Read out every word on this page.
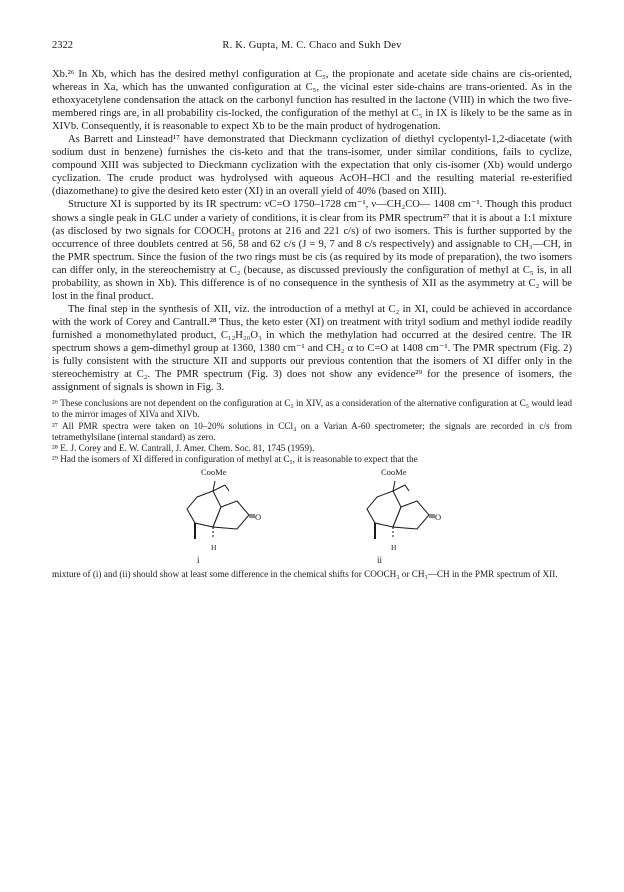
2322	R. K. Gupta, M. C. Chaco and Sukh Dev

Xb.²⁶ In Xb, which has the desired methyl configuration at C₅, the propionate and acetate side chains are cis-oriented, whereas in Xa, which has the unwanted configuration at C₅, the vicinal ester side-chains are trans-oriented. As in the ethoxyacetylene condensation the attack on the carbonyl function has resulted in the lactone (VIII) in which the two five-membered rings are, in all probability cis-locked, the configuration of the methyl at C₅ in IX is likely to be the same as in XIVb. Consequently, it is reasonable to expect Xb to be the main product of hydrogenation.

As Barrett and Linstead¹⁷ have demonstrated that Dieckmann cyclization of diethyl cyclopentyl-1,2-diacetate (with sodium dust in benzene) furnishes the cis-keto and that the trans-isomer, under similar conditions, fails to cyclize, compound XIII was subjected to Dieckmann cyclization with the expectation that only cis-isomer (Xb) would undergo cyclization. The crude product was hydrolysed with aqueous AcOH–HCl and the resulting material re-esterified (diazomethane) to give the desired keto ester (XI) in an overall yield of 40% (based on XIII).

Structure XI is supported by its IR spectrum: νC=O 1750–1728 cm⁻¹, ν—CH₂CO— 1408 cm⁻¹. Though this product shows a single peak in GLC under a variety of conditions, it is clear from its PMR spectrum²⁷ that it is about a 1:1 mixture (as disclosed by two signals for COOCH₃ protons at 216 and 221 c/s) of two isomers. This is further supported by the occurrence of three doublets centred at 56, 58 and 62 c/s (J = 9, 7 and 8 c/s respectively) and assignable to CH₃—CH, in the PMR spectrum. Since the fusion of the two rings must be cis (as required by its mode of preparation), the two isomers can differ only, in the stereochemistry at C₂ (because, as discussed previously the configuration of methyl at C₅ is, in all probability, as shown in Xb). This difference is of no consequence in the synthesis of XII as the asymmetry at C₂ will be lost in the final product.

The final step in the synthesis of XII, viz. the introduction of a methyl at C₂ in XI, could be achieved in accordance with the work of Corey and Cantrall.²⁸ Thus, the keto ester (XI) on treatment with trityl sodium and methyl iodide readily furnished a monomethylated product, C₁₂H₂₀O₃ in which the methylation had occurred at the desired centre. The IR spectrum shows a gem-dimethyl group at 1360, 1380 cm⁻¹ and CH₂ α to C=O at 1408 cm⁻¹. The PMR spectrum (Fig. 2) is fully consistent with the structure XII and supports our previous contention that the isomers of XI differ only in the stereochemistry at C₂. The PMR spectrum (Fig. 3) does not show any evidence²⁹ for the presence of isomers, the assignment of signals is shown in Fig. 3.

²⁶ These conclusions are not dependent on the configuration at C₅ in XIV, as a consideration of the alternative configuration at C₅ would lead to the mirror images of XIVa and XIVb.

²⁷ All PMR spectra were taken on 10–20% solutions in CCl₄ on a Varian A-60 spectrometer; the signals are recorded in c/s from tetramethylsilane (internal standard) as zero.

²⁸ E. J. Corey and E. W. Cantrall, J. Amer. Chem. Soc. 81, 1745 (1959).

²⁹ Had the isomers of XI differed in configuration of methyl at C₅, it is reasonable to expect that the

CooMe
O
H
i
CooMe
O
H
ii

mixture of (i) and (ii) should show at least some difference in the chemical shifts for COOCH₃ or CH₃—CH in the PMR spectrum of XII.
